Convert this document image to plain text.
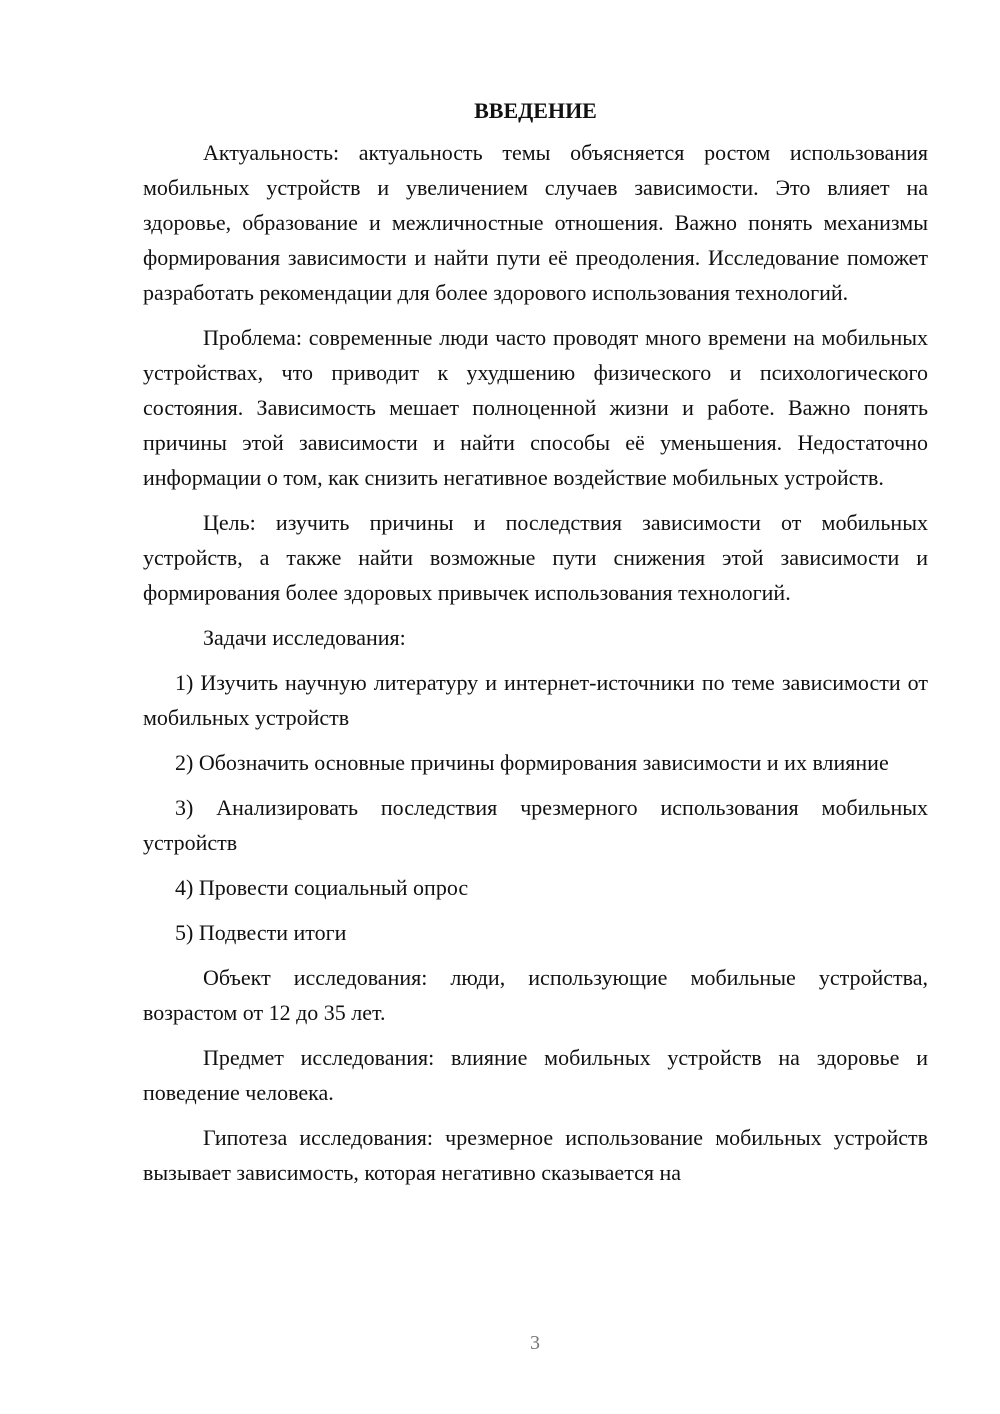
ВВЕДЕНИЕ

Актуальность: актуальность темы объясняется ростом использования мобильных устройств и увеличением случаев зависимости. Это влияет на здоровье, образование и межличностные отношения. Важно понять механизмы формирования зависимости и найти пути её преодоления. Исследование поможет разработать рекомендации для более здорового использования технологий.

Проблема: современные люди часто проводят много времени на мобильных устройствах, что приводит к ухудшению физического и психологического состояния. Зависимость мешает полноценной жизни и работе. Важно понять причины этой зависимости и найти способы её уменьшения. Недостаточно информации о том, как снизить негативное воздействие мобильных устройств.

Цель: изучить причины и последствия зависимости от мобильных устройств, а также найти возможные пути снижения этой зависимости и формирования более здоровых привычек использования технологий.

Задачи исследования:

1) Изучить научную литературу и интернет-источники по теме зависимости от мобильных устройств

2) Обозначить основные причины формирования зависимости и их влияние

3) Анализировать последствия чрезмерного использования мобильных устройств

4) Провести социальный опрос

5) Подвести итоги

Объект исследования: люди, использующие мобильные устройства, возрастом от 12 до 35 лет.

Предмет исследования: влияние мобильных устройств на здоровье и поведение человека.

Гипотеза исследования: чрезмерное использование мобильных устройств вызывает зависимость, которая негативно сказывается на

3
